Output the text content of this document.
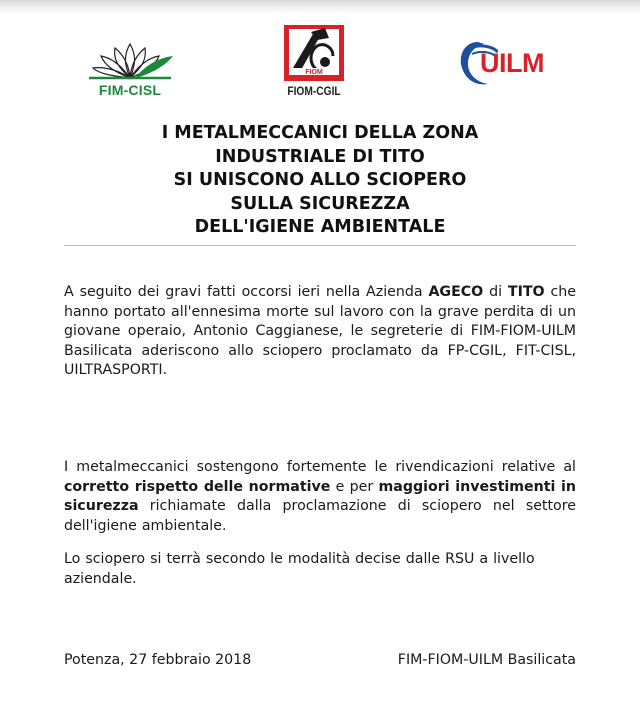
FIM-CISL
FIOM
FIOM-CGIL
UILM
I METALMECCANICI DELLA ZONA
INDUSTRIALE DI TITO
SI UNISCONO ALLO SCIOPERO
SULLA SICUREZZA
DELL'IGIENE AMBIENTALE
A seguito dei gravi fatti occorsi ieri nella Azienda AGECO di TITO che hanno portato all'ennesima morte sul lavoro con la grave perdita di un giovane operaio, Antonio Caggianese, le segreterie di FIM-FIOM-UILM Basilicata aderiscono allo sciopero proclamato da FP-CGIL, FIT-CISL, UILTRASPORTI.
I metalmeccanici sostengono fortemente le rivendicazioni relative al corretto rispetto delle normative e per maggiori investimenti in sicurezza richiamate dalla proclamazione di sciopero nel settore dell'igiene ambientale.
Lo sciopero si terrà secondo le modalità decise dalle RSU a livello aziendale.
Potenza, 27 febbraio 2018	FIM-FIOM-UILM Basilicata
